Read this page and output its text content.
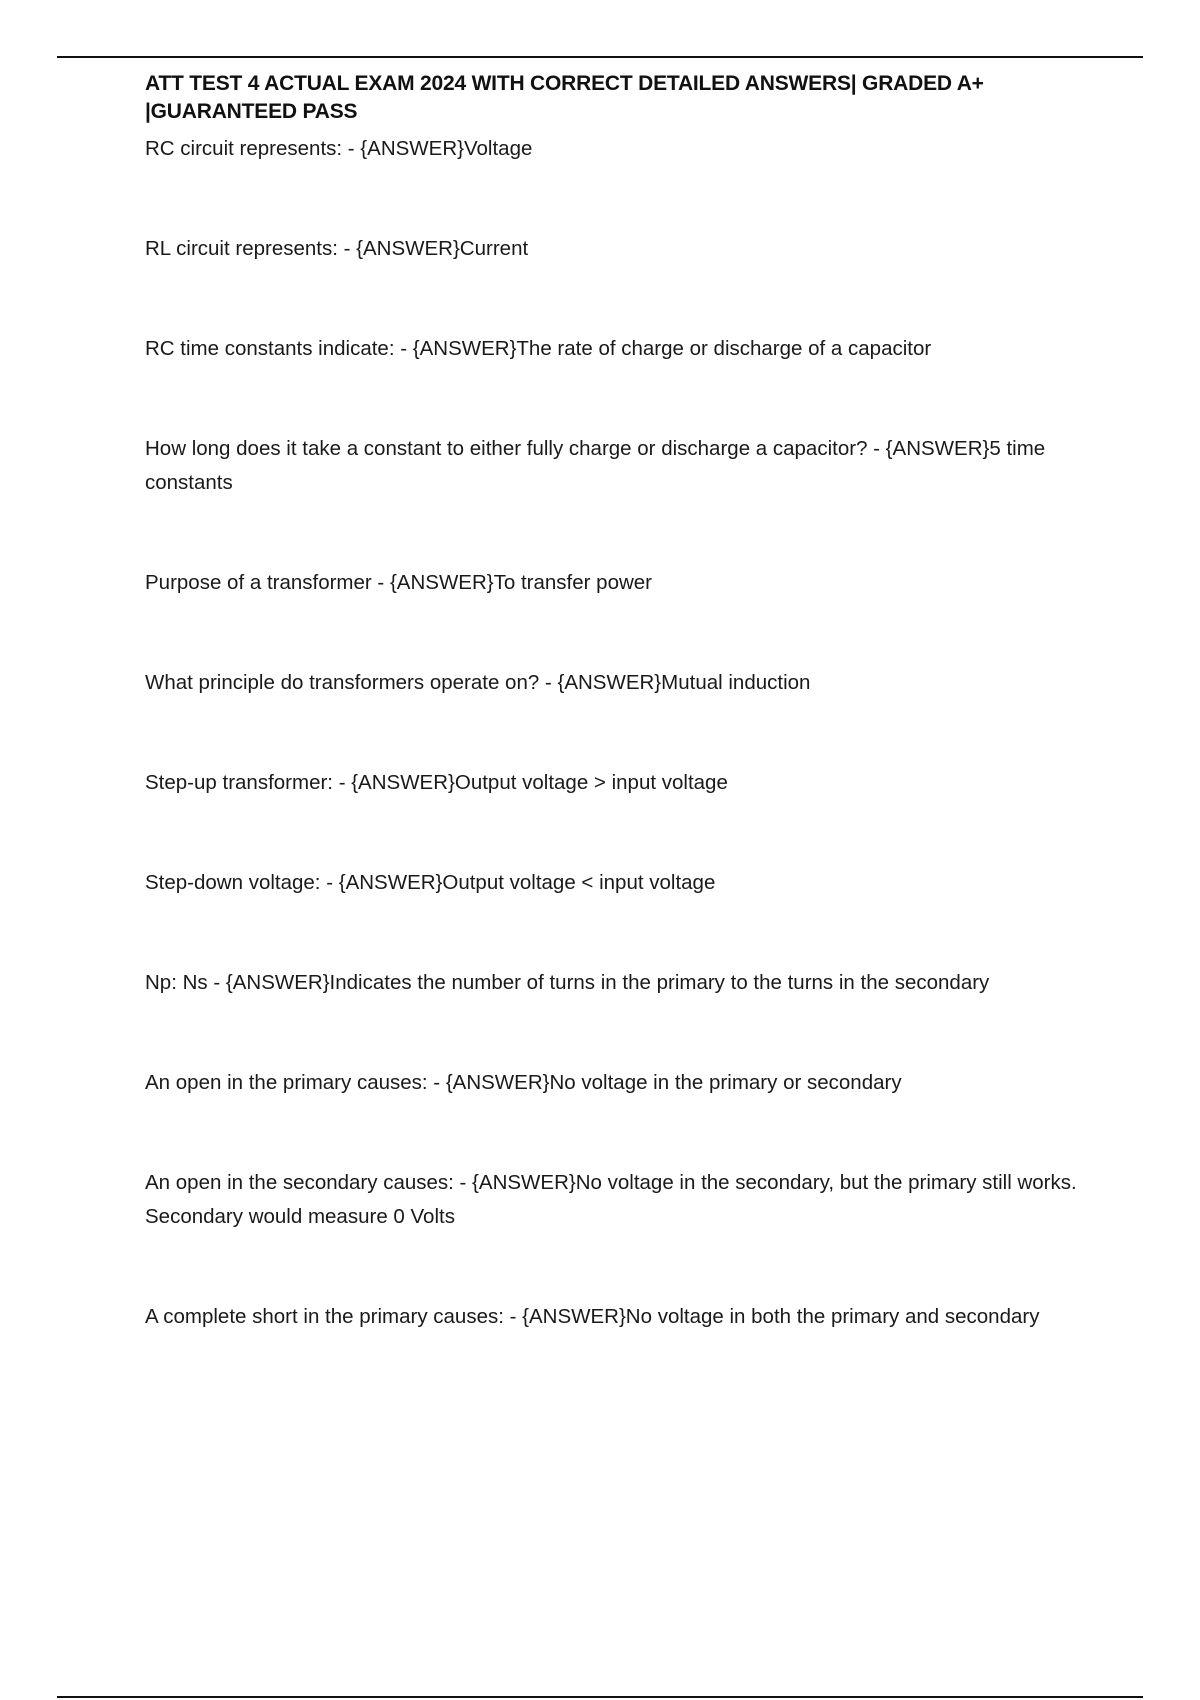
ATT TEST 4 ACTUAL EXAM 2024 WITH CORRECT DETAILED ANSWERS| GRADED A+ |GUARANTEED PASS
RC circuit represents: - {ANSWER}Voltage
RL circuit represents: - {ANSWER}Current
RC time constants indicate: - {ANSWER}The rate of charge or discharge of a capacitor
How long does it take a constant to either fully charge or discharge a capacitor? - {ANSWER}5 time constants
Purpose of a transformer - {ANSWER}To transfer power
What principle do transformers operate on? - {ANSWER}Mutual induction
Step-up transformer: - {ANSWER}Output voltage > input voltage
Step-down voltage: - {ANSWER}Output voltage < input voltage
Np: Ns - {ANSWER}Indicates the number of turns in the primary to the turns in the secondary
An open in the primary causes: - {ANSWER}No voltage in the primary or secondary
An open in the secondary causes: - {ANSWER}No voltage in the secondary, but the primary still works. Secondary would measure 0 Volts
A complete short in the primary causes: - {ANSWER}No voltage in both the primary and secondary
